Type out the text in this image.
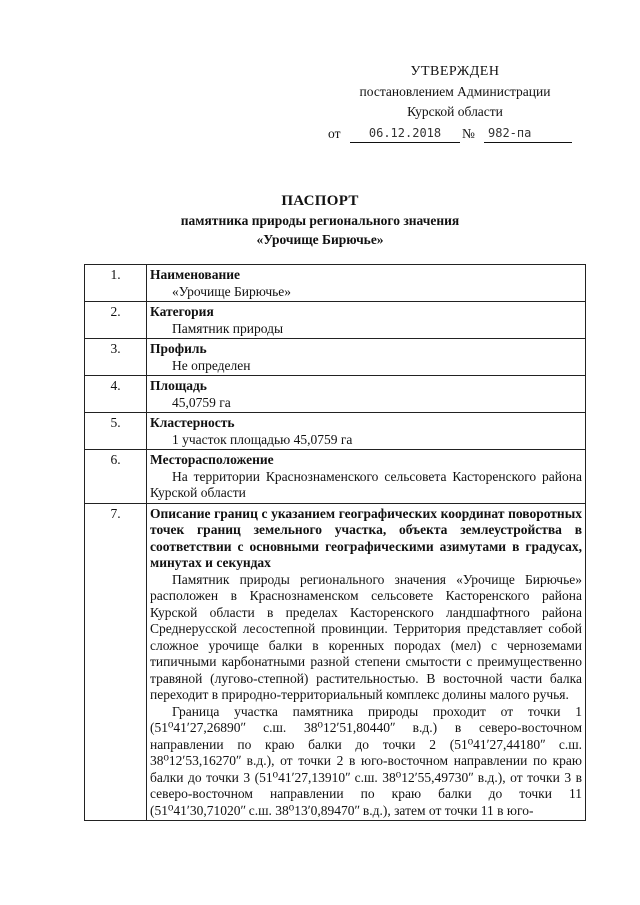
УТВЕРЖДЕН
постановлением Администрации
Курской области
от	06.12.2018	№	982-па
ПАСПОРТ
памятника природы регионального значения
«Урочище Бирючье»
1.	Наименование
«Урочище Бирючье»

2.	Категория
Памятник природы

3.	Профиль
Не определен

4.	Площадь
45,0759 га

5.	Кластерность
1 участок площадью 45,0759 га

6.	Месторасположение
На территории Краснознаменского сельсовета Касторенского района Курской области

7.	Описание границ с указанием географических координат поворотных точек границ земельного участка, объекта землеустройства в соответствии с основными географическими азимутами в градусах, минутах и секундах

Памятник природы регионального значения «Урочище Бирючье» расположен в Краснознаменском сельсовете Касторенского района Курской области в пределах Касторенского ландшафтного района Среднерусской лесостепной провинции. Территория представляет собой сложное урочище балки в коренных породах (мел) с черноземами типичными карбонатными разной степени смытости с преимущественно травяной (лугово-степной) растительностью. В восточной части балка переходит в природно-территориальный комплекс долины малого ручья.

Граница участка памятника природы проходит от точки 1 (51⁰41ʹ27,26890ʺ с.ш. 38⁰12ʹ51,80440ʺ в.д.) в северо-восточном направлении по краю балки до точки 2 (51⁰41ʹ27,44180ʺ с.ш. 38⁰12ʹ53,16270ʺ в.д.), от точки 2 в юго-восточном направлении по краю балки до точки 3 (51⁰41ʹ27,13910ʺ с.ш. 38⁰12ʹ55,49730ʺ в.д.), от точки 3 в северо-восточном направлении по краю балки до точки 11 (51⁰41ʹ30,71020ʺ с.ш. 38⁰13ʹ0,89470ʺ в.д.), затем от точки 11 в юго-
